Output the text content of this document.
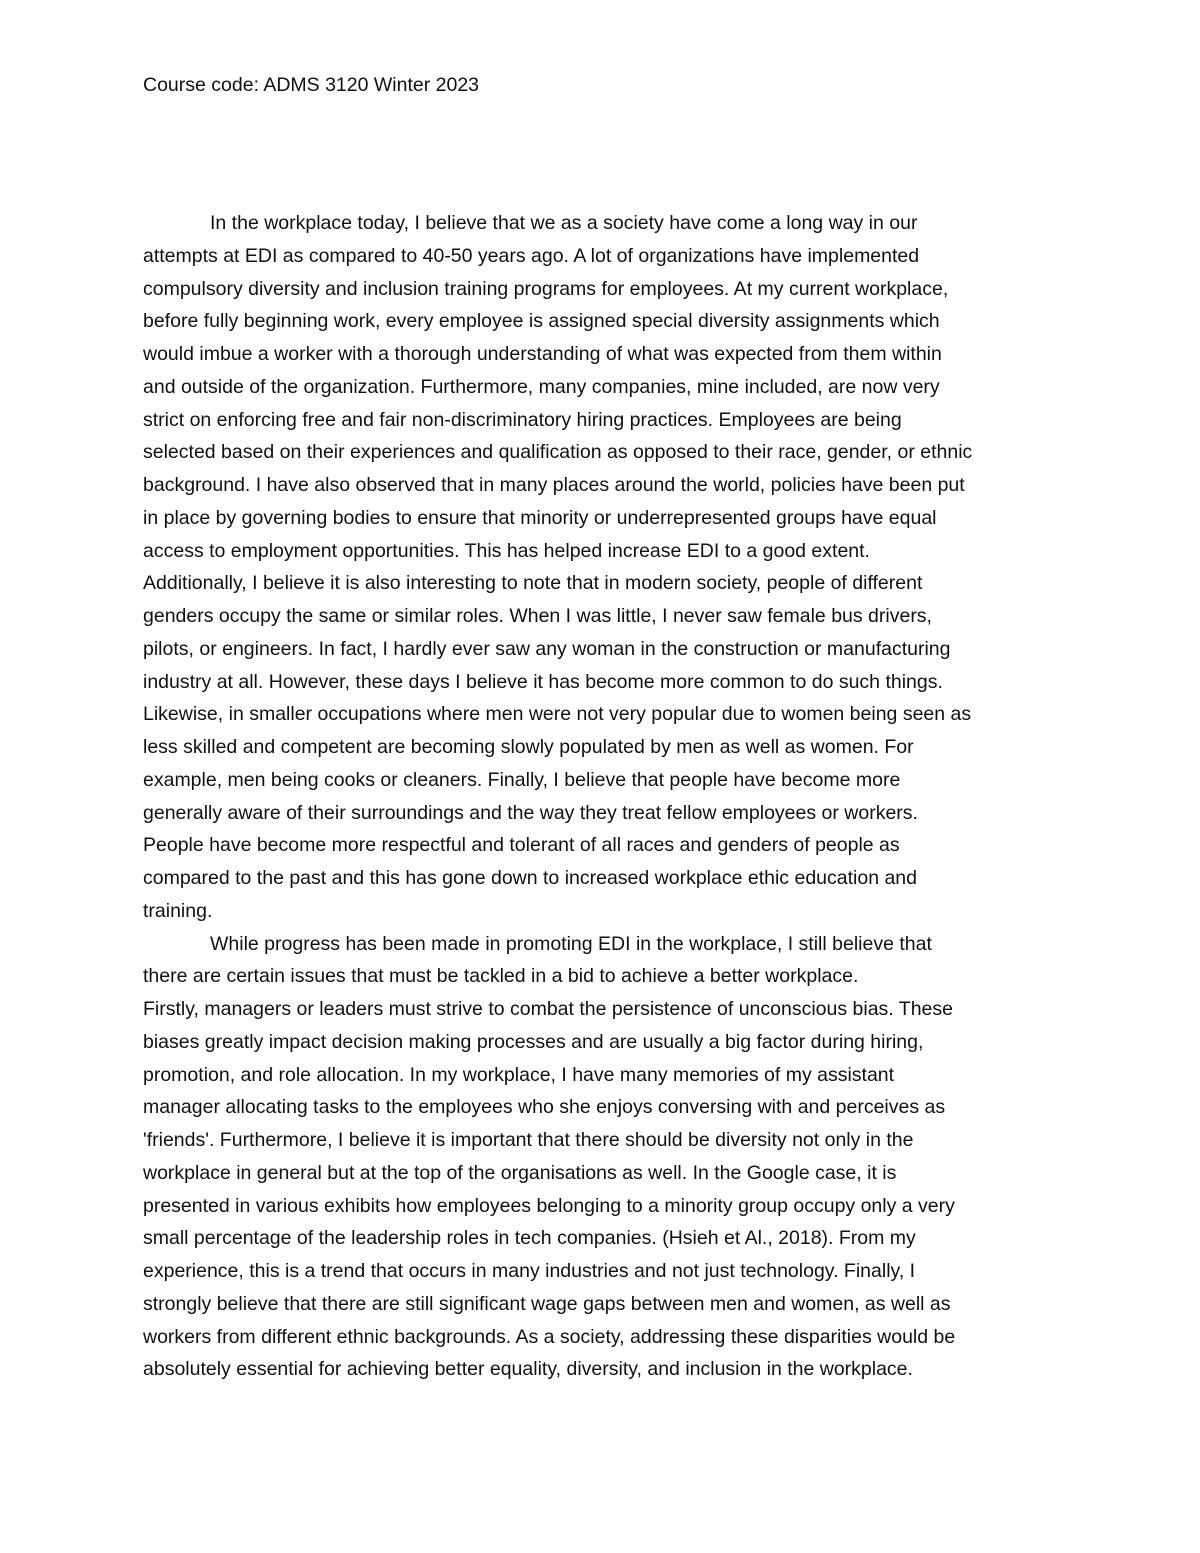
Course code: ADMS 3120 Winter 2023
In the workplace today, I believe that we as a society have come a long way in our
attempts at EDI as compared to 40-50 years ago. A lot of organizations have implemented
compulsory diversity and inclusion training programs for employees. At my current workplace,
before fully beginning work, every employee is assigned special diversity assignments which
would imbue a worker with a thorough understanding of what was expected from them within
and outside of the organization. Furthermore, many companies, mine included, are now very
strict on enforcing free and fair non-discriminatory hiring practices. Employees are being
selected based on their experiences and qualification as opposed to their race, gender, or ethnic
background. I have also observed that in many places around the world, policies have been put
in place by governing bodies to ensure that minority or underrepresented groups have equal
access to employment opportunities. This has helped increase EDI to a good extent.
Additionally, I believe it is also interesting to note that in modern society, people of different
genders occupy the same or similar roles. When I was little, I never saw female bus drivers,
pilots, or engineers. In fact, I hardly ever saw any woman in the construction or manufacturing
industry at all. However, these days I believe it has become more common to do such things.
Likewise, in smaller occupations where men were not very popular due to women being seen as
less skilled and competent are becoming slowly populated by men as well as women. For
example, men being cooks or cleaners. Finally, I believe that people have become more
generally aware of their surroundings and the way they treat fellow employees or workers.
People have become more respectful and tolerant of all races and genders of people as
compared to the past and this has gone down to increased workplace ethic education and
training.
While progress has been made in promoting EDI in the workplace, I still believe that
there are certain issues that must be tackled in a bid to achieve a better workplace.
Firstly, managers or leaders must strive to combat the persistence of unconscious bias. These
biases greatly impact decision making processes and are usually a big factor during hiring,
promotion, and role allocation. In my workplace, I have many memories of my assistant
manager allocating tasks to the employees who she enjoys conversing with and perceives as
'friends'. Furthermore, I believe it is important that there should be diversity not only in the
workplace in general but at the top of the organisations as well. In the Google case, it is
presented in various exhibits how employees belonging to a minority group occupy only a very
small percentage of the leadership roles in tech companies. (Hsieh et Al., 2018). From my
experience, this is a trend that occurs in many industries and not just technology. Finally, I
strongly believe that there are still significant wage gaps between men and women, as well as
workers from different ethnic backgrounds. As a society, addressing these disparities would be
absolutely essential for achieving better equality, diversity, and inclusion in the workplace.
